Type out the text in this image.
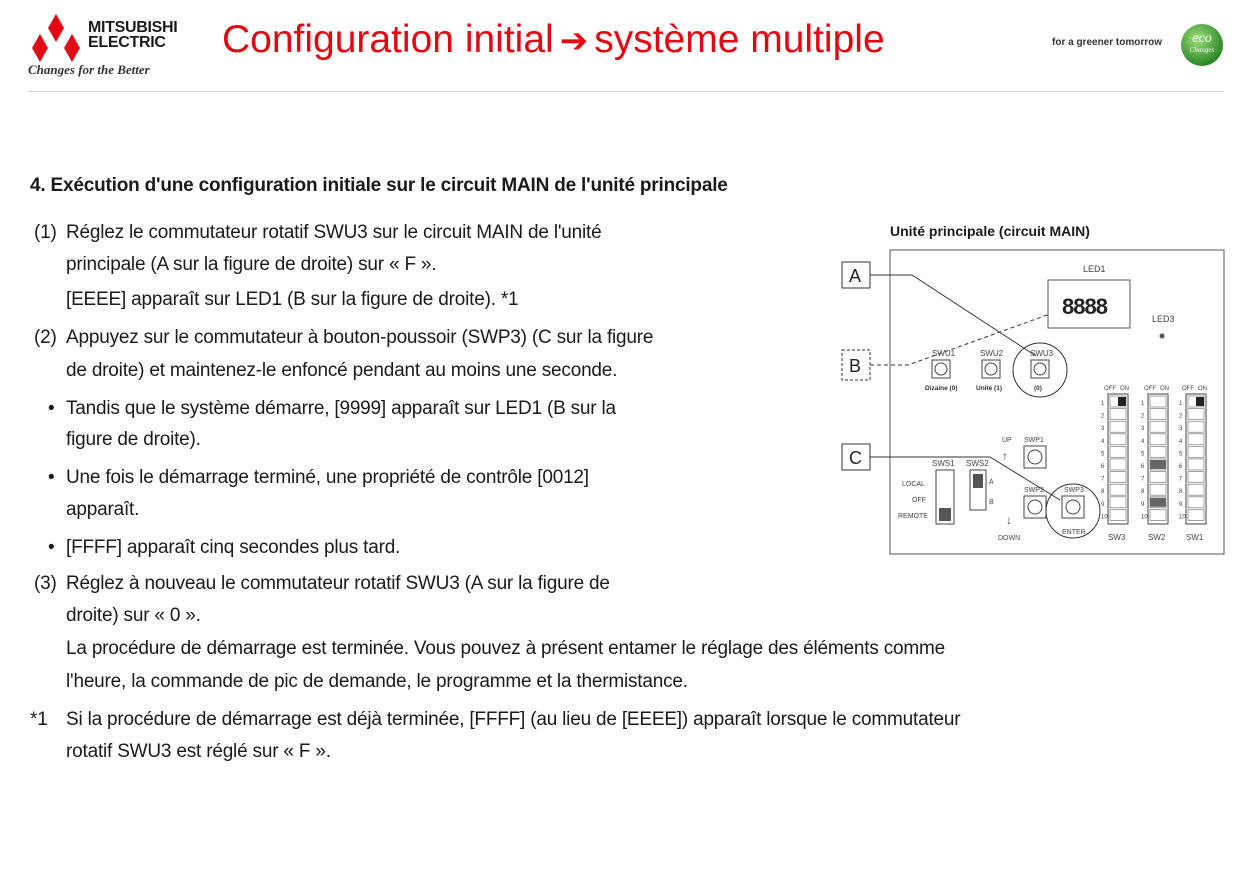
MITSUBISHI
ELECTRIC
Changes for the Better
Configuration initial ➔ système multiple	for a greener tomorrow	eco
Changes
4. Exécution d'une configuration initiale sur le circuit MAIN de l'unité principale
(1) Réglez le commutateur rotatif SWU3 sur le circuit MAIN de l'unité
principale (A sur la figure de droite) sur « F ».
[EEEE] apparaît sur LED1 (B sur la figure de droite). *1
(2) Appuyez sur le commutateur à bouton-poussoir (SWP3) (C sur la figure
de droite) et maintenez-le enfoncé pendant au moins une seconde.
• Tandis que le système démarre, [9999] apparaît sur LED1 (B sur la
figure de droite).
• Une fois le démarrage terminé, une propriété de contrôle [0012]
apparaît.
• [FFFF] apparaît cinq secondes plus tard.
(3) Réglez à nouveau le commutateur rotatif SWU3 (A sur la figure de
droite) sur « 0 ».
La procédure de démarrage est terminée. Vous pouvez à présent entamer le réglage des éléments comme
l'heure, la commande de pic de demande, le programme et la thermistance.
*1 Si la procédure de démarrage est déjà terminée, [FFFF] (au lieu de [EEEE]) apparaît lorsque le commutateur
rotatif SWU3 est réglé sur « F ».
Unité principale (circuit MAIN)
LED1
8888	LED3
A
B
C
SWU1
Dizaine (0)
SWU2
Unité (1)
SWU3
(0)
SWS1
LOCAL
OFF
REMOTE
SWS2
A
B
UP
↑
SWP1
SWP2
↓
DOWN
SWP3
ENTER
OFF ON
1
2
3
4
5
6
7
8
9
10
SW3
OFF ON
1
2
3
4
5
6
7
8
9
10
SW2
OFF ON
1
2
3
4
5
6
7
8
9
10
SW1
